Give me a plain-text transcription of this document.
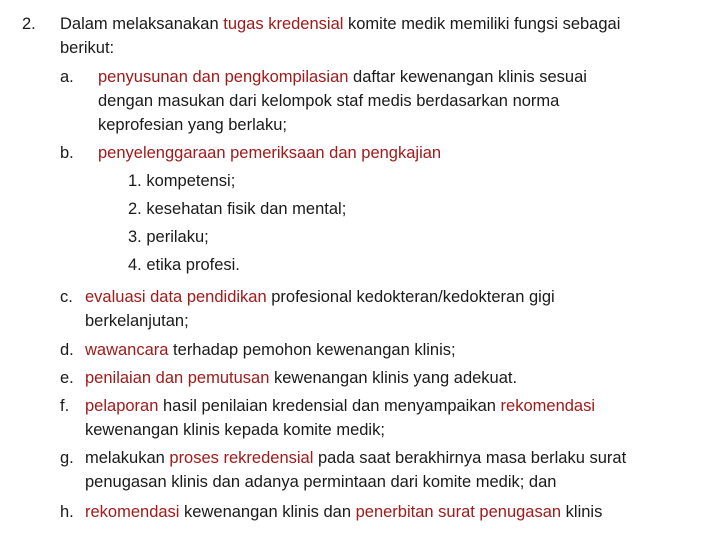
2. Dalam melaksanakan tugas kredensial komite medik memiliki fungsi sebagai
berikut:
a. penyusunan dan pengkompilasian daftar kewenangan klinis sesuai
dengan masukan dari kelompok staf medis berdasarkan norma
keprofesian yang berlaku;
b. penyelenggaraan pemeriksaan dan pengkajian
1. kompetensi;
2. kesehatan fisik dan mental;
3. perilaku;
4. etika profesi.
c. evaluasi data pendidikan profesional kedokteran/kedokteran gigi
berkelanjutan;
d. wawancara terhadap pemohon kewenangan klinis;
e. penilaian dan pemutusan kewenangan klinis yang adekuat.
f. pelaporan hasil penilaian kredensial dan menyampaikan rekomendasi
kewenangan klinis kepada komite medik;
g. melakukan proses rekredensial pada saat berakhirnya masa berlaku surat
penugasan klinis dan adanya permintaan dari komite medik; dan
h. rekomendasi kewenangan klinis dan penerbitan surat penugasan klinis
